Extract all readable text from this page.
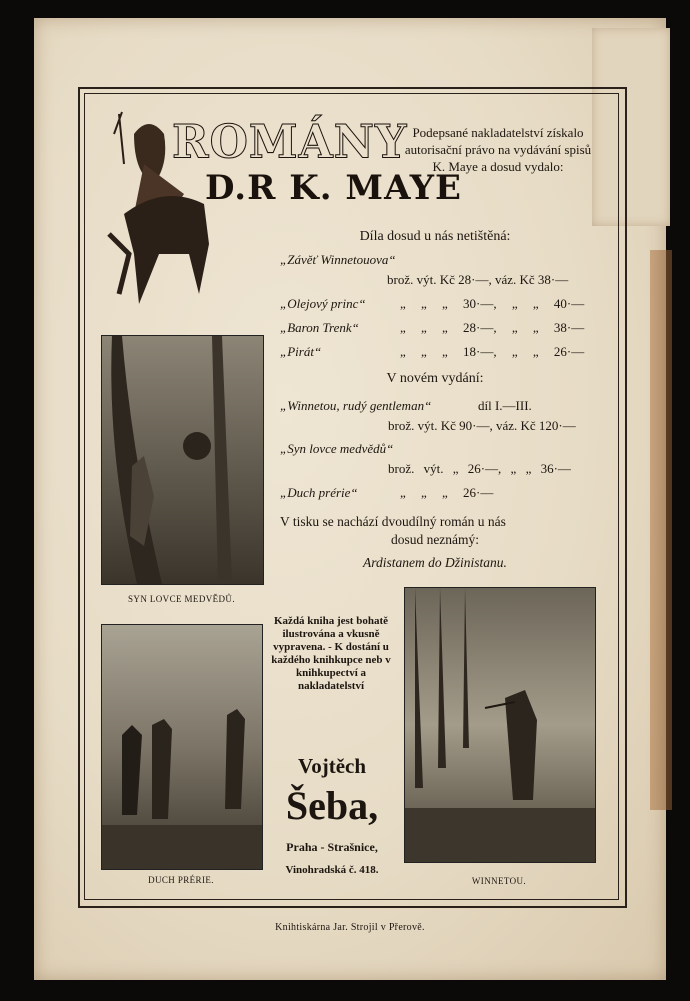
ROMÁNY
D.R K. MAYE
Podepsané nakladatelství získalo autorisační právo na vydávání spisů K. Maye a dosud vydalo:
SYN LOVCE MEDVĚDŮ.
DUCH PRÉRIE.	WINNETOU.
Díla dosud u nás netištěná:
„Závěť Winnetouova“
brož. výt. Kč 28·—, váz. Kč 38·—
„Olejový princ“	„ „ „ 30·—, „ „ 40·—
„Baron Trenk“	„ „ „ 28·—, „ „ 38·—
„Pirát“	„ „ „ 18·—, „ „ 26·—
V novém vydání:
„Winnetou, rudý gentleman“	díl I.—III.
brož. výt. Kč 90·—, váz. Kč 120·—
„Syn lovce medvědů“
brož. výt. „ 26·—, „ „ 36·—
„Duch prérie“	„ „ „ 26·—
V tisku se nachází dvoudílný román u nás
dosud neznámý:
Ardistanem do Džinistanu.
Každá kniha jest bohatě ilustrována a vkusně vypravena. - K dostání u každého knihkupce neb v knihkupectví a nakladatelství
Vojtěch
Šeba,
Praha - Strašnice,
Vinohradská č. 418.
Knihtiskárna Jar. Strojil v Přerově.
